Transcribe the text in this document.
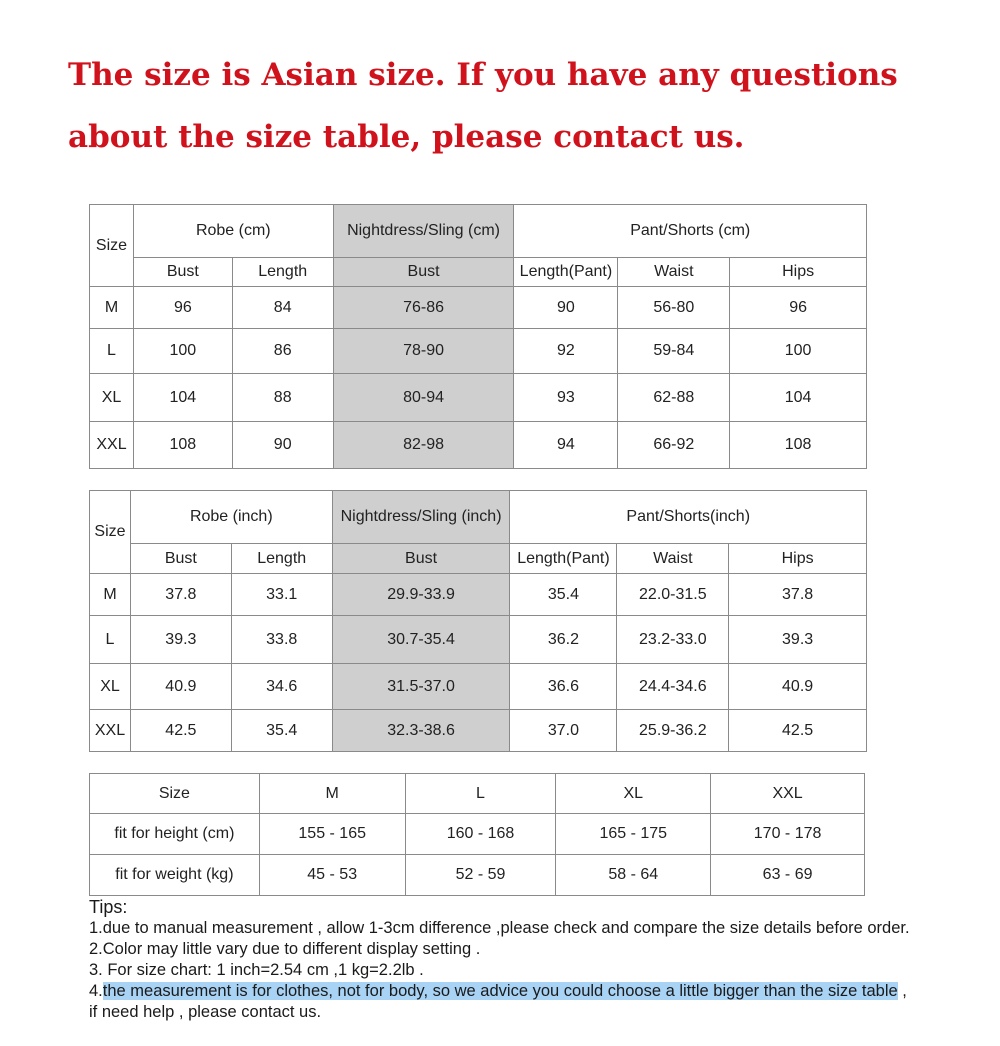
The size is Asian size. If you have any questions
about the size table, please contact us.
Size	Robe (cm)		Nightdress/Sling (cm)	Pant/Shorts (cm)		
	Bust	Length	Bust	Length(Pant)	Waist	Hips
M	96	84	76-86	90	56-80	96
L	100	86	78-90	92	59-84	100
XL	104	88	80-94	93	62-88	104
XXL	108	90	82-98	94	66-92	108
Size	Robe (inch)		Nightdress/Sling (inch)	Pant/Shorts(inch)		
	Bust	Length	Bust	Length(Pant)	Waist	Hips
M	37.8	33.1	29.9-33.9	35.4	22.0-31.5	37.8
L	39.3	33.8	30.7-35.4	36.2	23.2-33.0	39.3
XL	40.9	34.6	31.5-37.0	36.6	24.4-34.6	40.9
XXL	42.5	35.4	32.3-38.6	37.0	25.9-36.2	42.5
Size	M	L	XL	XXL
fit for height (cm)	155 - 165	160 - 168	165 - 175	170 - 178
fit for weight (kg)	45 - 53	52 - 59	58 - 64	63 - 69
Tips:
1.due to manual measurement , allow 1-3cm difference ,please check and compare the size details before order.
2.Color may little vary due to different display setting .
3. For size chart: 1 inch=2.54 cm ,1 kg=2.2lb .
4.the measurement is for clothes, not for body, so we advice you could choose a little bigger than the size table ,
if need help , please contact us.
